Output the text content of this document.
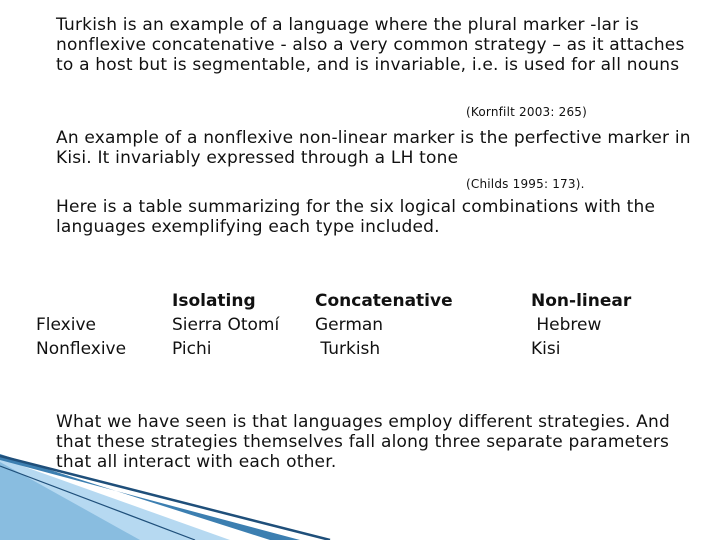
Turkish is an example of a language where the plural marker -lar is nonflexive concatenative - also a very common strategy – as it attaches to a host but is segmentable, and is invariable, i.e. is used for all nouns

(Kornfilt 2003: 265)

An example of a nonflexive non-linear marker is the perfective marker in Kisi. It invariably expressed through a LH tone

(Childs 1995: 173).

Here is a table summarizing for the six logical combinations with the languages exemplifying each type included.

Flexive
Nonflexive
Isolating
Sierra Otomí
Pichi
Concatenative
German
Turkish
Non-linear
Hebrew
Kisi

What we have seen is that languages employ different strategies. And that these strategies themselves fall along three separate parameters that all interact with each other.
